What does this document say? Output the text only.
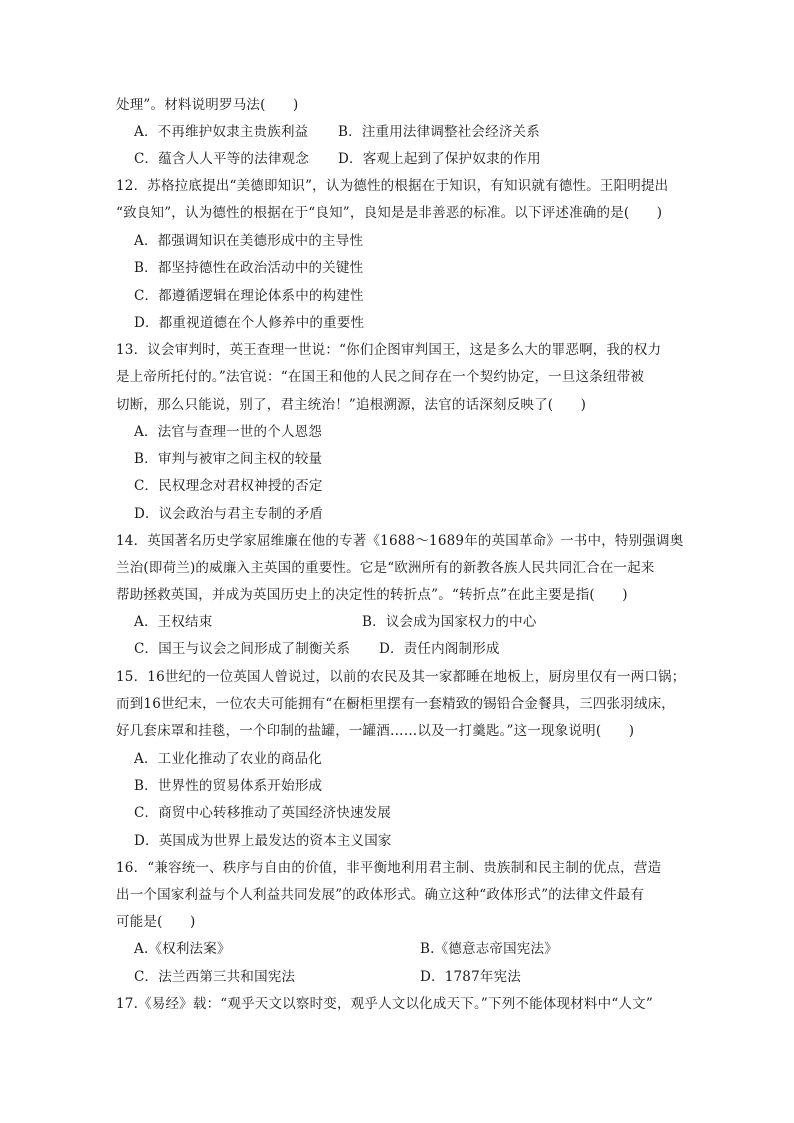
处理”。材料说明罗马法(　　)
A．不再维护奴隶主贵族利益 B．注重用法律调整社会经济关系
C．蕴含人人平等的法律观念 D．客观上起到了保护奴隶的作用
12．苏格拉底提出“美德即知识”，认为德性的根据在于知识，有知识就有德性。王阳明提出
“致良知”，认为德性的根据在于“良知”，良知是是非善恶的标准。以下评述准确的是(　　)
A．都强调知识在美德形成中的主导性
B．都坚持德性在政治活动中的关键性
C．都遵循逻辑在理论体系中的构建性
D．都重视道德在个人修养中的重要性
13．议会审判时，英王查理一世说：“你们企图审判国王，这是多么大的罪恶啊，我的权力
是上帝所托付的。”法官说：“在国王和他的人民之间存在一个契约协定，一旦这条纽带被
切断，那么只能说，别了，君主统治！”追根溯源，法官的话深刻反映了(　　)
A．法官与查理一世的个人恩怨
B．审判与被审之间主权的较量
C．民权理念对君权神授的否定
D．议会政治与君主专制的矛盾
14．英国著名历史学家屈维廉在他的专著《1688～1689年的英国革命》一书中，特别强调奥
兰治(即荷兰)的威廉入主英国的重要性。它是“欧洲所有的新教各族人民共同汇合在一起来
帮助拯救英国，并成为英国历史上的决定性的转折点”。“转折点”在此主要是指(　　)
A．王权结束	B．议会成为国家权力的中心
C．国王与议会之间形成了制衡关系 D．责任内阁制形成
15．16世纪的一位英国人曾说过，以前的农民及其一家都睡在地板上，厨房里仅有一两口锅；
而到16世纪末，一位农夫可能拥有“在橱柜里摆有一套精致的锡铅合金餐具，三四张羽绒床，
好几套床罩和挂毯，一个印制的盐罐，一罐酒……以及一打羹匙。”这一现象说明(　　)
A．工业化推动了农业的商品化
B．世界性的贸易体系开始形成
C．商贸中心转移推动了英国经济快速发展
D．英国成为世界上最发达的资本主义国家
16．“兼容统一、秩序与自由的价值，非平衡地利用君主制、贵族制和民主制的优点，营造
出一个国家利益与个人利益共同发展”的政体形式。确立这种“政体形式”的法律文件最有
可能是(　　)
A.《权利法案》	B.《德意志帝国宪法》
C．法兰西第三共和国宪法	D．1787年宪法
17.《易经》载：“观乎天文以察时变，观乎人文以化成天下。”下列不能体现材料中“人文”
